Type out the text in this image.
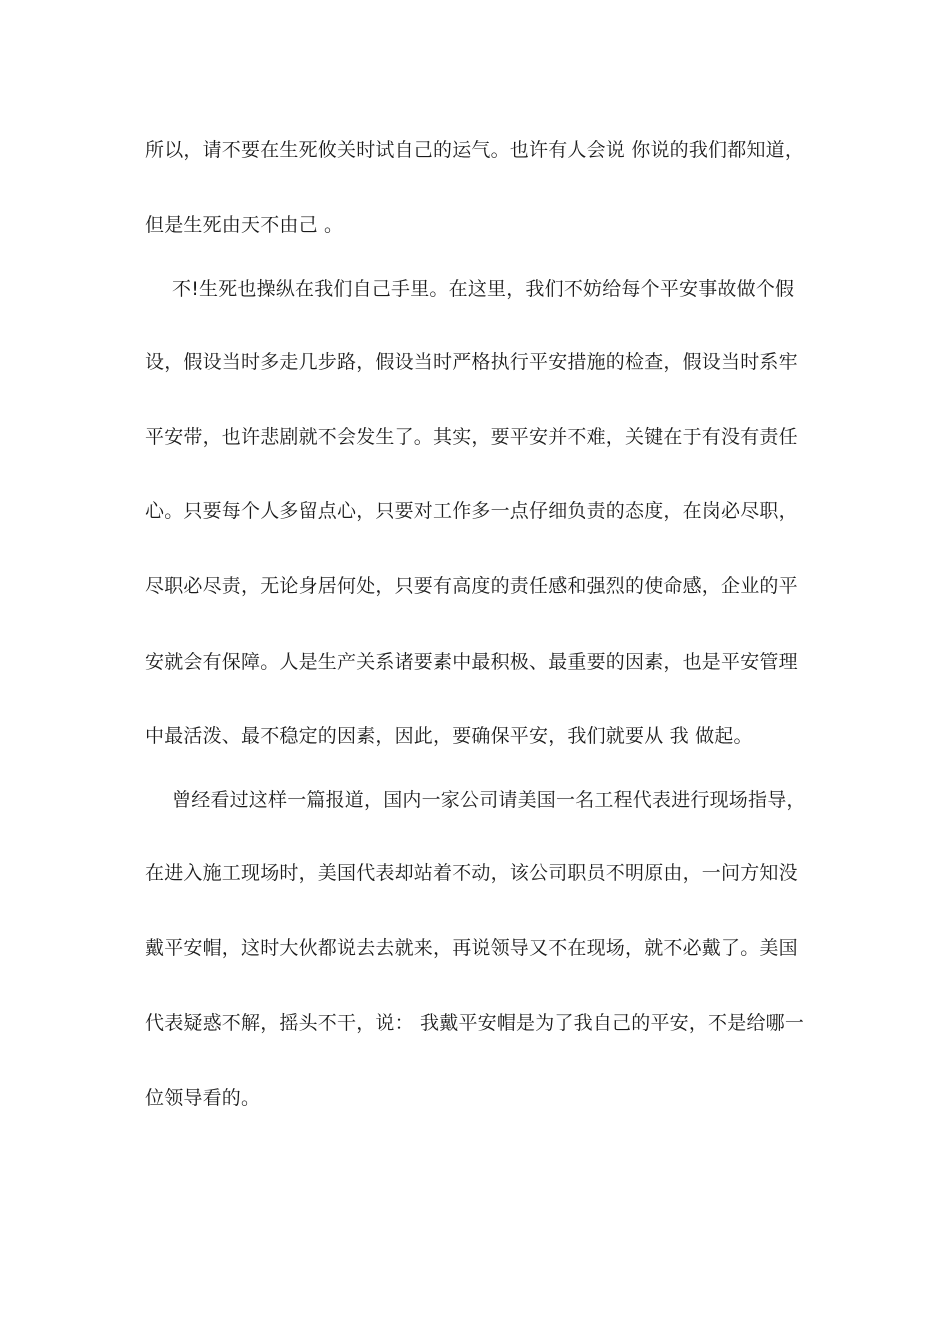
所以，请不要在生死攸关时试自己的运气。也许有人会说 你说的我们都知道，
但是生死由天不由己 。
不!生死也操纵在我们自己手里。在这里，我们不妨给每个平安事故做个假
设，假设当时多走几步路，假设当时严格执行平安措施的检查，假设当时系牢
平安带，也许悲剧就不会发生了。其实，要平安并不难，关键在于有没有责任
心。只要每个人多留点心，只要对工作多一点仔细负责的态度，在岗必尽职，
尽职必尽责，无论身居何处，只要有高度的责任感和强烈的使命感，企业的平
安就会有保障。人是生产关系诸要素中最积极、最重要的因素，也是平安管理
中最活泼、最不稳定的因素，因此，要确保平安，我们就要从 我 做起。
曾经看过这样一篇报道，国内一家公司请美国一名工程代表进行现场指导，
在进入施工现场时，美国代表却站着不动，该公司职员不明原由，一问方知没
戴平安帽，这时大伙都说去去就来，再说领导又不在现场，就不必戴了。美国
代表疑惑不解，摇头不干，说： 我戴平安帽是为了我自己的平安，不是给哪一
位领导看的。
